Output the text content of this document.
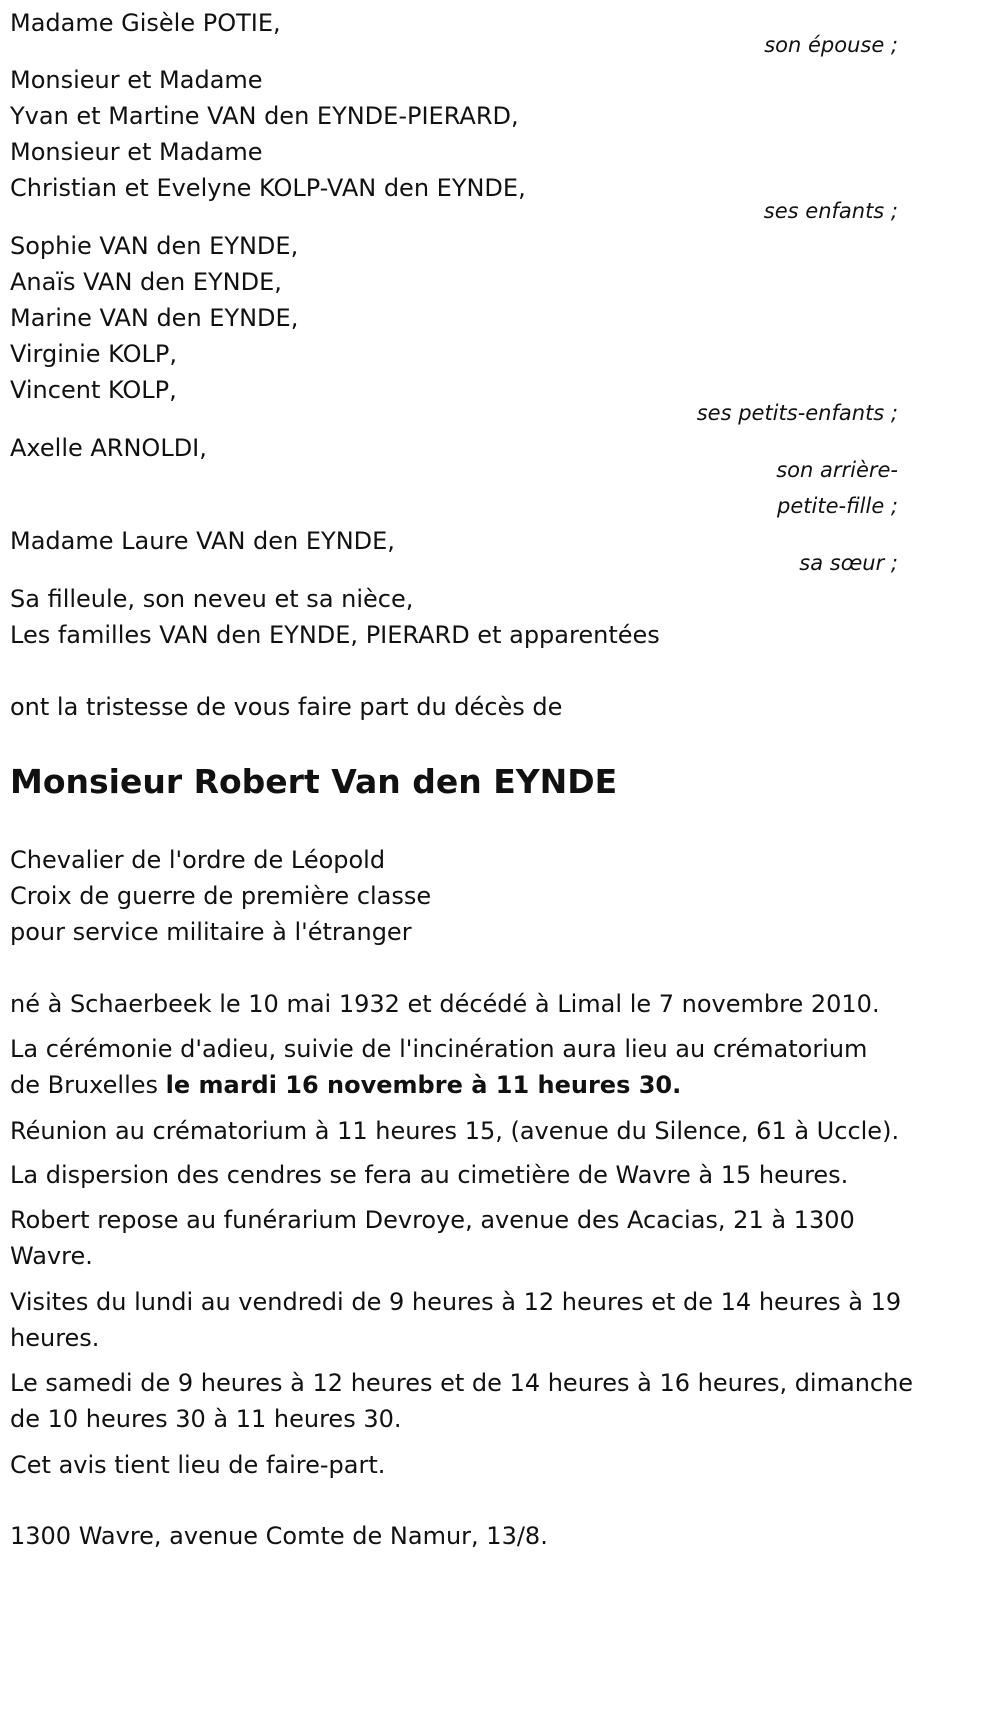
Madame Gisèle POTIE,

son épouse ;

Monsieur et Madame

Yvan et Martine VAN den EYNDE-PIERARD,

Monsieur et Madame

Christian et Evelyne KOLP-VAN den EYNDE,

ses enfants ;

Sophie VAN den EYNDE,

Anaïs VAN den EYNDE,

Marine VAN den EYNDE,

Virginie KOLP,

Vincent KOLP,

ses petits-enfants ;

Axelle ARNOLDI,

son arrière-

petite-fille ;

Madame Laure VAN den EYNDE,

sa sœur ;

Sa filleule, son neveu et sa nièce,

Les familles VAN den EYNDE, PIERARD et apparentées

ont la tristesse de vous faire part du décès de

Monsieur Robert Van den EYNDE

Chevalier de l'ordre de Léopold

Croix de guerre de première classe

pour service militaire à l'étranger

né à Schaerbeek le 10 mai 1932 et décédé à Limal le 7 novembre 2010.

La cérémonie d'adieu, suivie de l'incinération aura lieu au crématorium

de Bruxelles le mardi 16 novembre à 11 heures 30.

Réunion au crématorium à 11 heures 15, (avenue du Silence, 61 à Uccle).

La dispersion des cendres se fera au cimetière de Wavre à 15 heures.

Robert repose au funérarium Devroye, avenue des Acacias, 21 à 1300

Wavre.

Visites du lundi au vendredi de 9 heures à 12 heures et de 14 heures à 19

heures.

Le samedi de 9 heures à 12 heures et de 14 heures à 16 heures, dimanche

de 10 heures 30 à 11 heures 30.

Cet avis tient lieu de faire-part.

1300 Wavre, avenue Comte de Namur, 13/8.
